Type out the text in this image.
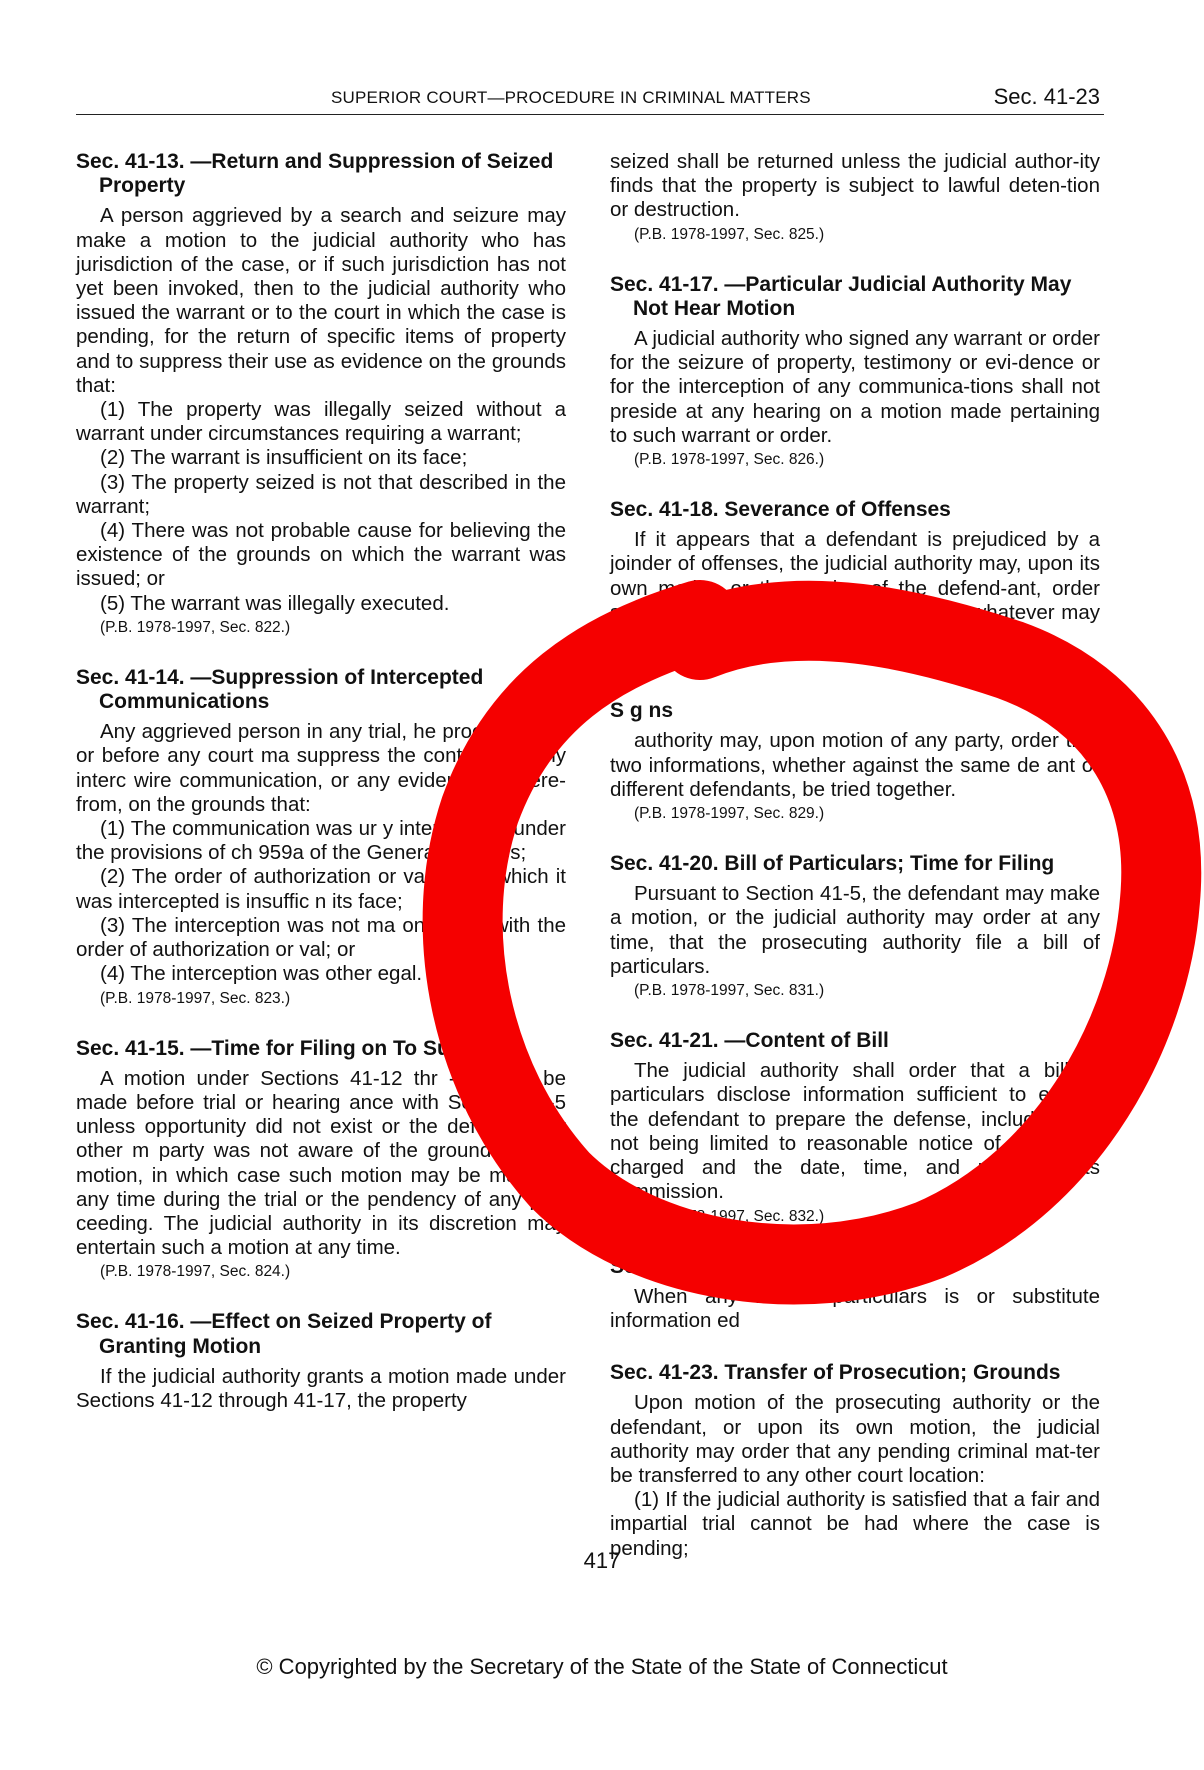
SUPERIOR COURT—PROCEDURE IN CRIMINAL MATTERS	Sec. 41-23
Sec. 41-13. —Return and Suppression of Seized Property

A person aggrieved by a search and seizure may make a motion to the judicial authority who has jurisdiction of the case, or if such jurisdiction has not yet been invoked, then to the judicial authority who issued the warrant or to the court in which the case is pending, for the return of specific items of property and to suppress their use as evidence on the grounds that:

(1) The property was illegally seized without a warrant under circumstances requiring a warrant;

(2) The warrant is insufficient on its face;

(3) The property seized is not that described in the warrant;

(4) There was not probable cause for believing the existence of the grounds on which the warrant was issued; or

(5) The warrant was illegally executed.

(P.B. 1978-1997, Sec. 822.)
Sec. 41-14. —Suppression of Intercepted Communications

Any aggrieved person in any trial, he proceeding in or before any court ma suppress the contents of any interc wire communication, or any evidence de here-from, on the grounds that:

(1) The communication was ur y inter-cepted under the provisions of ch 959a of the General Statutes;

(2) The order of authorization or val under which it was intercepted is insuffic n its face;

(3) The interception was not ma onformity with the order of authorization or val; or

(4) The interception was other egal.

(P.B. 1978-1997, Sec. 823.)
Sec. 41-15. —Time for Filing on To Suppress

A motion under Sections 41-12 thr -17 shall be made before trial or hearing ance with Section 41-5 unless opportunity did not exist or the defendant or other m party was not aware of the grounds of the motion, in which case such motion may be made at any time during the trial or the pendency of any pro-ceeding. The judicial authority in its discretion may entertain such a motion at any time.

(P.B. 1978-1997, Sec. 824.)
Sec. 41-16. —Effect on Seized Property of Granting Motion

If the judicial authority grants a motion made under Sections 41-12 through 41-17, the property

seized shall be returned unless the judicial author-ity finds that the property is subject to lawful deten-tion or destruction.

(P.B. 1978-1997, Sec. 825.)
Sec. 41-17. —Particular Judicial Authority May Not Hear Motion

A judicial authority who signed any warrant or order for the seizure of property, testimony or evi-dence or for the interception of any communica-tions shall not preside at any hearing on a motion made pertaining to such warrant or order.

(P.B. 1978-1997, Sec. 826.)
Sec. 41-18. Severance of Offenses

If it appears that a defendant is prejudiced by a joinder of offenses, the judicial authority may, upon its own motion or the motion of the defend-ant, order separate trials of the counts or provide whatever may require.

(P.B. 19
S g ns

authority may, upon motion of any party, order that two informations, whether against the same de ant or different defendants, be tried together.

(P.B. 1978-1997, Sec. 829.)
Sec. 41-20. Bill of Particulars; Time for Filing

Pursuant to Section 41-5, the defendant may make a motion, or the judicial authority may order at any time, that the prosecuting authority file a bill of particulars.

(P.B. 1978-1997, Sec. 831.)
Sec. 41-21. —Content of Bill

The judicial authority shall order that a bill of particulars disclose information sufficient to enable the defendant to prepare the defense, including but not being limited to reasonable notice of the crime charged and the date, time, and place of its commission.

(P.B. 1978-1997, Sec. 832.)
Sec. 41-22. —Furnishing of Bill

When any bill of particulars is or substitute information ed

Sec. 41-23. Transfer of Prosecution; Grounds

Upon motion of the prosecuting authority or the defendant, or upon its own motion, the judicial authority may order that any pending criminal mat-ter be transferred to any other court location:

(1) If the judicial authority is satisfied that a fair and impartial trial cannot be had where the case is pending;

417
© Copyrighted by the Secretary of the State of the State of Connecticut
